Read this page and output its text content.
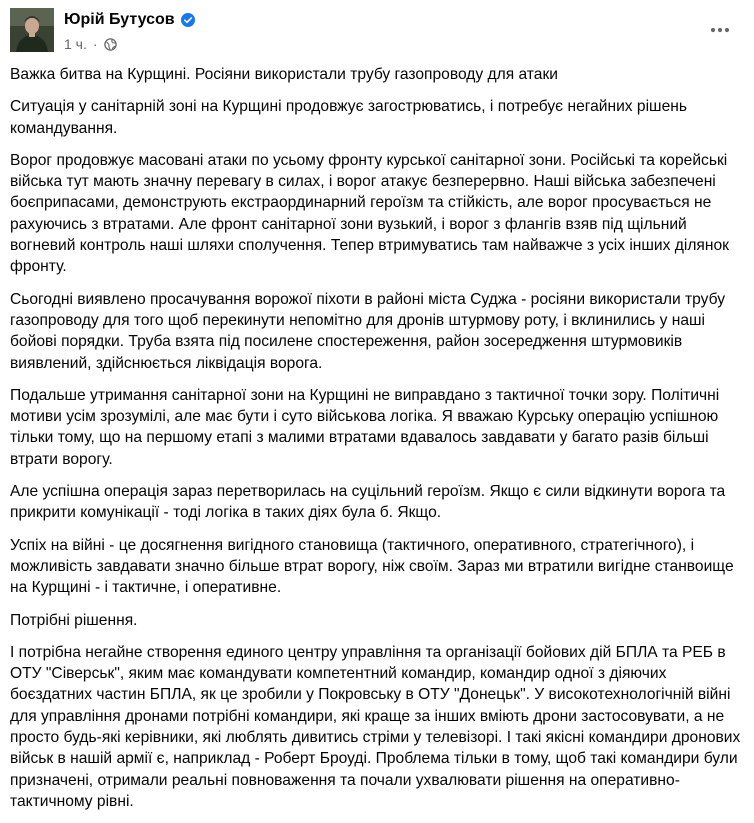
Юрій Бутусов
1 ч. ·

Важка битва на Курщині. Росіяни використали трубу газопроводу для атаки

Ситуація у санітарній зоні на Курщині продовжує загострюватись, і потребує негайних рішень командування.

Ворог продовжує масовані атаки по усьому фронту курської санітарної зони. Російські та корейські війська тут мають значну перевагу в силах, і ворог атакує безперервно. Наші війська забезпечені боєприпасами, демонструють екстраординарний героїзм та стійкість, але ворог просувається не рахуючись з втратами. Але фронт санітарної зони вузький, і ворог з флангів взяв під щільний вогневий контроль наші шляхи сполучення. Тепер втримуватись там найважче з усіх інших ділянок фронту.

Сьогодні виявлено просачування ворожої піхоти в районі міста Суджа - росіяни використали трубу газопроводу для того щоб перекинути непомітно для дронів штурмову роту, і вклинились у наші бойові порядки. Труба взята під посилене спостереження, район зосередження штурмовиків виявлений, здійснюється ліквідація ворога.

Подальше утримання санітарної зони на Курщині не виправдано з тактичної точки зору. Політичні мотиви усім зрозумілі, але має бути і суто військова логіка. Я вважаю Курську операцію успішною тільки тому, що на першому етапі з малими втратами вдавалось завдавати у багато разів більші втрати ворогу.

Але успішна операція зараз перетворилась на суцільний героїзм. Якщо є сили відкинути ворога та прикрити комунікації - тоді логіка в таких діях була б. Якщо.

Успіх на війні - це досягнення вигідного становища (тактичного, оперативного, стратегічного), і можливість завдавати значно більше втрат ворогу, ніж своїм. Зараз ми втратили вигідне станвоище на Курщині - і тактичне, і оперативне.

Потрібні рішення.

І потрібна негайне створення единого центру управління та організації бойових дій БПЛА та РЕБ в ОТУ "Сіверськ", яким має командувати компетентний командир, командир одної з діяючих боєздатних частин БПЛА, як це зробили у Покровську в ОТУ "Донецьк". У високотехнологічній війні для управління дронами потрібні командири, які краще за інших вміють дрони застосовувати, а не просто будь-які керівники, які люблять дивитись стріми у телевізорі. І такі якісні командири дронових військ в нашій армії є, наприклад - Роберт Броуді. Проблема тільки в тому, щоб такі командири були призначені, отримали реальні повноваження та почали ухвалювати рішення на оперативно-тактичному рівні.
